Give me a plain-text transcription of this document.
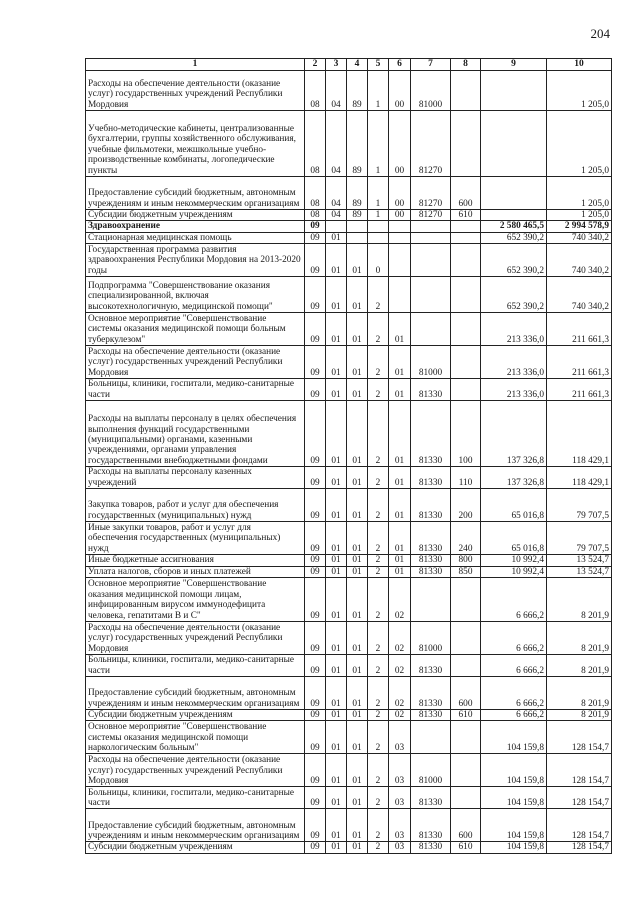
204
1	2	3	4	5	6	7	8	9	10
Расходы на обеспечение деятельности (оказание услуг) государственных учреждений Республики Мордовия	08	04	89	1	00	81000			1 205,0
Учебно-методические кабинеты, централизованные бухгалтерии, группы хозяйственного обслуживания, учебные фильмотеки, межшкольные учебно-производственные комбинаты, логопедические пункты	08	04	89	1	00	81270			1 205,0
Предоставление субсидий бюджетным, автономным учреждениям и иным некоммерческим организациям	08	04	89	1	00	81270	600		1 205,0
Субсидии бюджетным учреждениям	08	04	89	1	00	81270	610		1 205,0
Здравоохранение	09							2 580 465,5	2 994 578,9
Стационарная медицинская помощь	09	01						652 390,2	740 340,2
Государственная программа развития здравоохранения Республики Мордовия на 2013-2020 годы	09	01	01	0				652 390,2	740 340,2
Подпрограмма "Совершенствование оказания специализированной, включая высокотехнологичную, медицинской помощи"	09	01	01	2				652 390,2	740 340,2
Основное мероприятие "Совершенствование системы оказания медицинской помощи больным туберкулезом"	09	01	01	2	01			213 336,0	211 661,3
Расходы на обеспечение деятельности (оказание услуг) государственных учреждений Республики Мордовия	09	01	01	2	01	81000		213 336,0	211 661,3
Больницы, клиники, госпитали, медико-санитарные части	09	01	01	2	01	81330		213 336,0	211 661,3
Расходы на выплаты персоналу в целях обеспечения выполнения функций государственными (муниципальными) органами, казенными учреждениями, органами управления государственными внебюджетными фондами	09	01	01	2	01	81330	100	137 326,8	118 429,1
Расходы на выплаты персоналу казенных учреждений	09	01	01	2	01	81330	110	137 326,8	118 429,1
Закупка товаров, работ и услуг для обеспечения государственных (муниципальных) нужд	09	01	01	2	01	81330	200	65 016,8	79 707,5
Иные закупки товаров, работ и услуг для обеспечения государственных (муниципальных) нужд	09	01	01	2	01	81330	240	65 016,8	79 707,5
Иные бюджетные ассигнования	09	01	01	2	01	81330	800	10 992,4	13 524,7
Уплата налогов, сборов и иных платежей	09	01	01	2	01	81330	850	10 992,4	13 524,7
Основное мероприятие "Совершенствование оказания медицинской помощи лицам, инфицированным вирусом иммунодефицита человека, гепатитами В и С"	09	01	01	2	02			6 666,2	8 201,9
Расходы на обеспечение деятельности (оказание услуг) государственных учреждений Республики Мордовия	09	01	01	2	02	81000		6 666,2	8 201,9
Больницы, клиники, госпитали, медико-санитарные части	09	01	01	2	02	81330		6 666,2	8 201,9
Предоставление субсидий бюджетным, автономным учреждениям и иным некоммерческим организациям	09	01	01	2	02	81330	600	6 666,2	8 201,9
Субсидии бюджетным учреждениям	09	01	01	2	02	81330	610	6 666,2	8 201,9
Основное мероприятие "Совершенствование системы оказания медицинской помощи наркологическим больным"	09	01	01	2	03			104 159,8	128 154,7
Расходы на обеспечение деятельности (оказание услуг) государственных учреждений Республики Мордовия	09	01	01	2	03	81000		104 159,8	128 154,7
Больницы, клиники, госпитали, медико-санитарные части	09	01	01	2	03	81330		104 159,8	128 154,7
Предоставление субсидий бюджетным, автономным учреждениям и иным некоммерческим организациям	09	01	01	2	03	81330	600	104 159,8	128 154,7
Субсидии бюджетным учреждениям	09	01	01	2	03	81330	610	104 159,8	128 154,7
